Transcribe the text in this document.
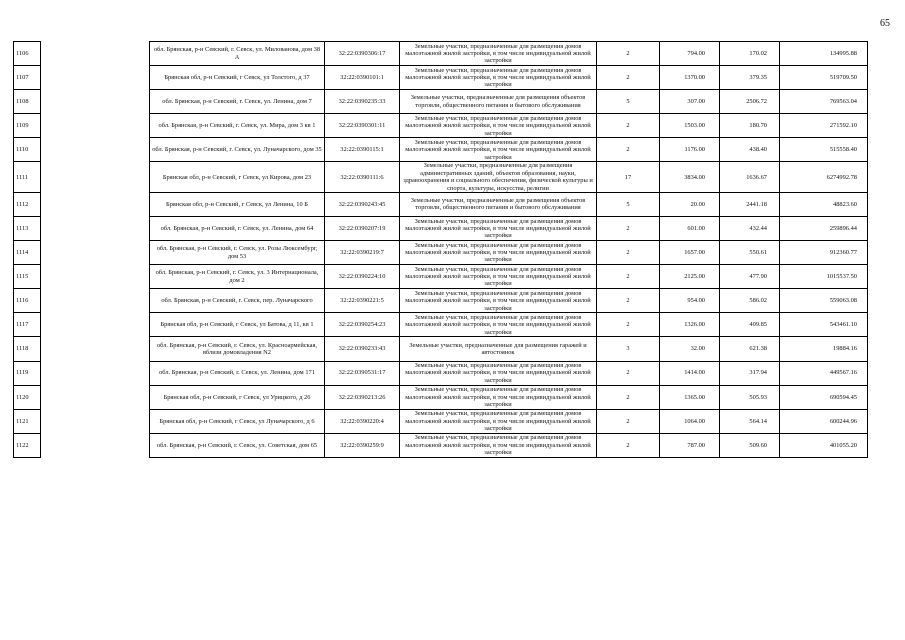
65
1106		обл. Брянская, р-н Севский, г. Севск, ул. Милованова, дом 38 А	32:22:0390306:17	Земельные участки, предназначенные для размещения домов малоэтажной жилой застройки, в том числе индивидуальной жилой застройки	2	794.00	170.02	134995.88
1107		Брянская обл, р-н Севский, г Севск, ул Толстого, д 37	32:22:0390101:1	Земельные участки, предназначенные для размещения домов малоэтажной жилой застройки, в том числе индивидуальной жилой застройки	2	1370.00	379.35	519709.50
1108		обл. Брянская, р-н Севский, г. Севск, ул. Ленина, дом 7	32:22:0390235:33	Земельные участки, предназначенные для размещения объектов торговли, общественного питания и бытового обслуживания	5	307.00	2506.72	769563.04
1109		обл. Брянская, р-н Севский, г. Севск, ул. Мира, дом 3 кв 1	32:22:0390301:11	Земельные участки, предназначенные для размещения домов малоэтажной жилой застройки, в том числе индивидуальной жилой застройки	2	1503.00	180.70	271592.10
1110		обл. Брянская, р-н Севский, г. Севск, ул. Луначарского, дом 35	32:22:0390115:1	Земельные участки, предназначенные для размещения домов малоэтажной жилой застройки, в том числе индивидуальной жилой застройки	2	1176.00	438.40	515558.40
1111		Брянская обл, р-н Севский, г Севск, ул Кирова, дом 23	32:22:0390111:6	Земельные участки, предназначенные для размещения административных зданий, объектов образования, науки, здравоохранения и социального обеспечения, физической культуры и спорта, культуры, искусства, религии	17	3834.00	1636.67	6274992.78
1112		Брянская обл, р-н Севский, г Севск, ул Ленина, 10 Б	32:22:0390243:45	Земельные участки, предназначенные для размещения объектов торговли, общественного питания и бытового обслуживания	5	20.00	2441.18	48823.60
1113		обл. Брянская, р-н Севский, г. Севск, ул. Ленина, дом 64	32:22:0390207:19	Земельные участки, предназначенные для размещения домов малоэтажной жилой застройки, в том числе индивидуальной жилой застройки	2	601.00	432.44	259896.44
1114		обл. Брянская, р-н Севский, г. Севск, ул. Розы Люксембург, дом 53	32:22:0390219:7	Земельные участки, предназначенные для размещения домов малоэтажной жилой застройки, в том числе индивидуальной жилой застройки	2	1657.00	550.61	912360.77
1115		обл. Брянская, р-н Севский, г. Севск, ул. 3 Интернационала, дом 2	32:22:0390224:10	Земельные участки, предназначенные для размещения домов малоэтажной жилой застройки, в том числе индивидуальной жилой застройки	2	2125.00	477.90	1015537.50
1116		обл. Брянская, р-н Севский, г. Севск, пер. Луначарского	32:22:0390221:5	Земельные участки, предназначенные для размещения домов малоэтажной жилой застройки, в том числе индивидуальной жилой застройки	2	954.00	586.02	559063.08
1117		Брянская обл, р-н Севский, г Севск, ул Батова, д 11, кв 1	32:22:0390254:23	Земельные участки, предназначенные для размещения домов малоэтажной жилой застройки, в том числе индивидуальной жилой застройки	2	1326.00	409.85	543461.10
1118		обл. Брянская, р-н Севский, г. Севск, ул. Красноармейская, вблизи домовладения N2	32:22:0390233:43	Земельные участки, предназначенные для размещения гаражей и автостоянок	3	32.00	621.38	19884.16
1119		обл. Брянская, р-н Севский, г. Севск, ул. Ленина, дом 171	32:22:0390531:17	Земельные участки, предназначенные для размещения домов малоэтажной жилой застройки, в том числе индивидуальной жилой застройки	2	1414.00	317.94	449567.16
1120		Брянская обл, р-н Севский, г Севск, ул Урицкого, д 26	32:22:0390213:26	Земельные участки, предназначенные для размещения домов малоэтажной жилой застройки, в том числе индивидуальной жилой застройки	2	1365.00	505.93	690594.45
1121		Брянская обл, р-н Севский, г Севск, ул Луначарского, д 6	32:22:0390220:4	Земельные участки, предназначенные для размещения домов малоэтажной жилой застройки, в том числе индивидуальной жилой застройки	2	1064.00	564.14	600244.96
1122		обл. Брянская, р-н Севский, г. Севск, ул. Советская, дом 65	32:22:0390259:9	Земельные участки, предназначенные для размещения домов малоэтажной жилой застройки, в том числе индивидуальной жилой застройки	2	787.00	509.60	401055.20
